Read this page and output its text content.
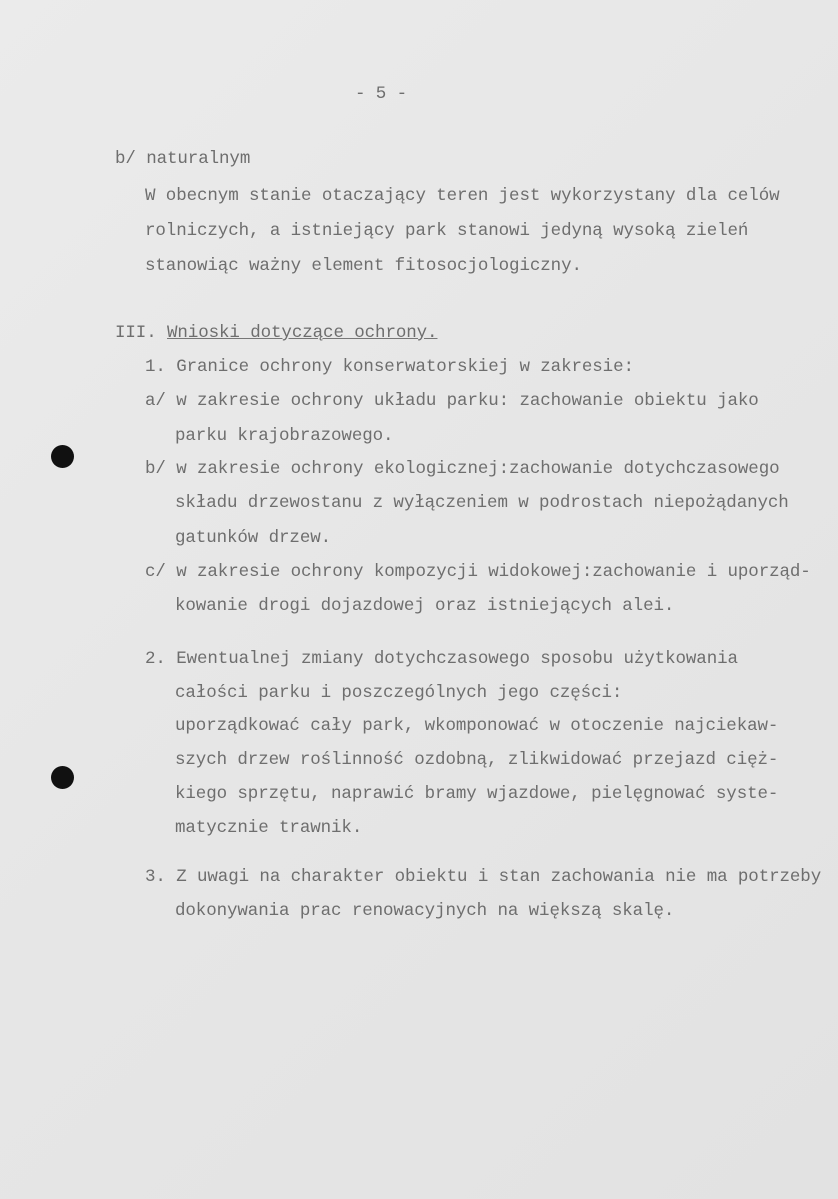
- 5 -
b/ naturalnym
W obecnym stanie otaczający teren jest wykorzystany dla celów
rolniczych, a istniejący park stanowi jedyną wysoką zieleń
stanowiąc ważny element fitosocjologiczny.
III. Wnioski dotyczące ochrony.
1. Granice ochrony konserwatorskiej w zakresie:
a/ w zakresie ochrony układu parku: zachowanie obiektu jako
parku krajobrazowego.
b/ w zakresie ochrony ekologicznej:zachowanie dotychczasowego
składu drzewostanu z wyłączeniem w podrostach niepożądanych
gatunków drzew.
c/ w zakresie ochrony kompozycji widokowej:zachowanie i uporząd-
kowanie drogi dojazdowej oraz istniejących alei.
2. Ewentualnej zmiany dotychczasowego sposobu użytkowania
całości parku i poszczególnych jego części:
uporządkować cały park, wkomponować w otoczenie najciekaw-
szych drzew roślinność ozdobną, zlikwidować przejazd cięż-
kiego sprzętu, naprawić bramy wjazdowe, pielęgnować syste-
matycznie trawnik.
3. Z uwagi na charakter obiektu i stan zachowania nie ma potrzeby
dokonywania prac renowacyjnych na większą skalę.
